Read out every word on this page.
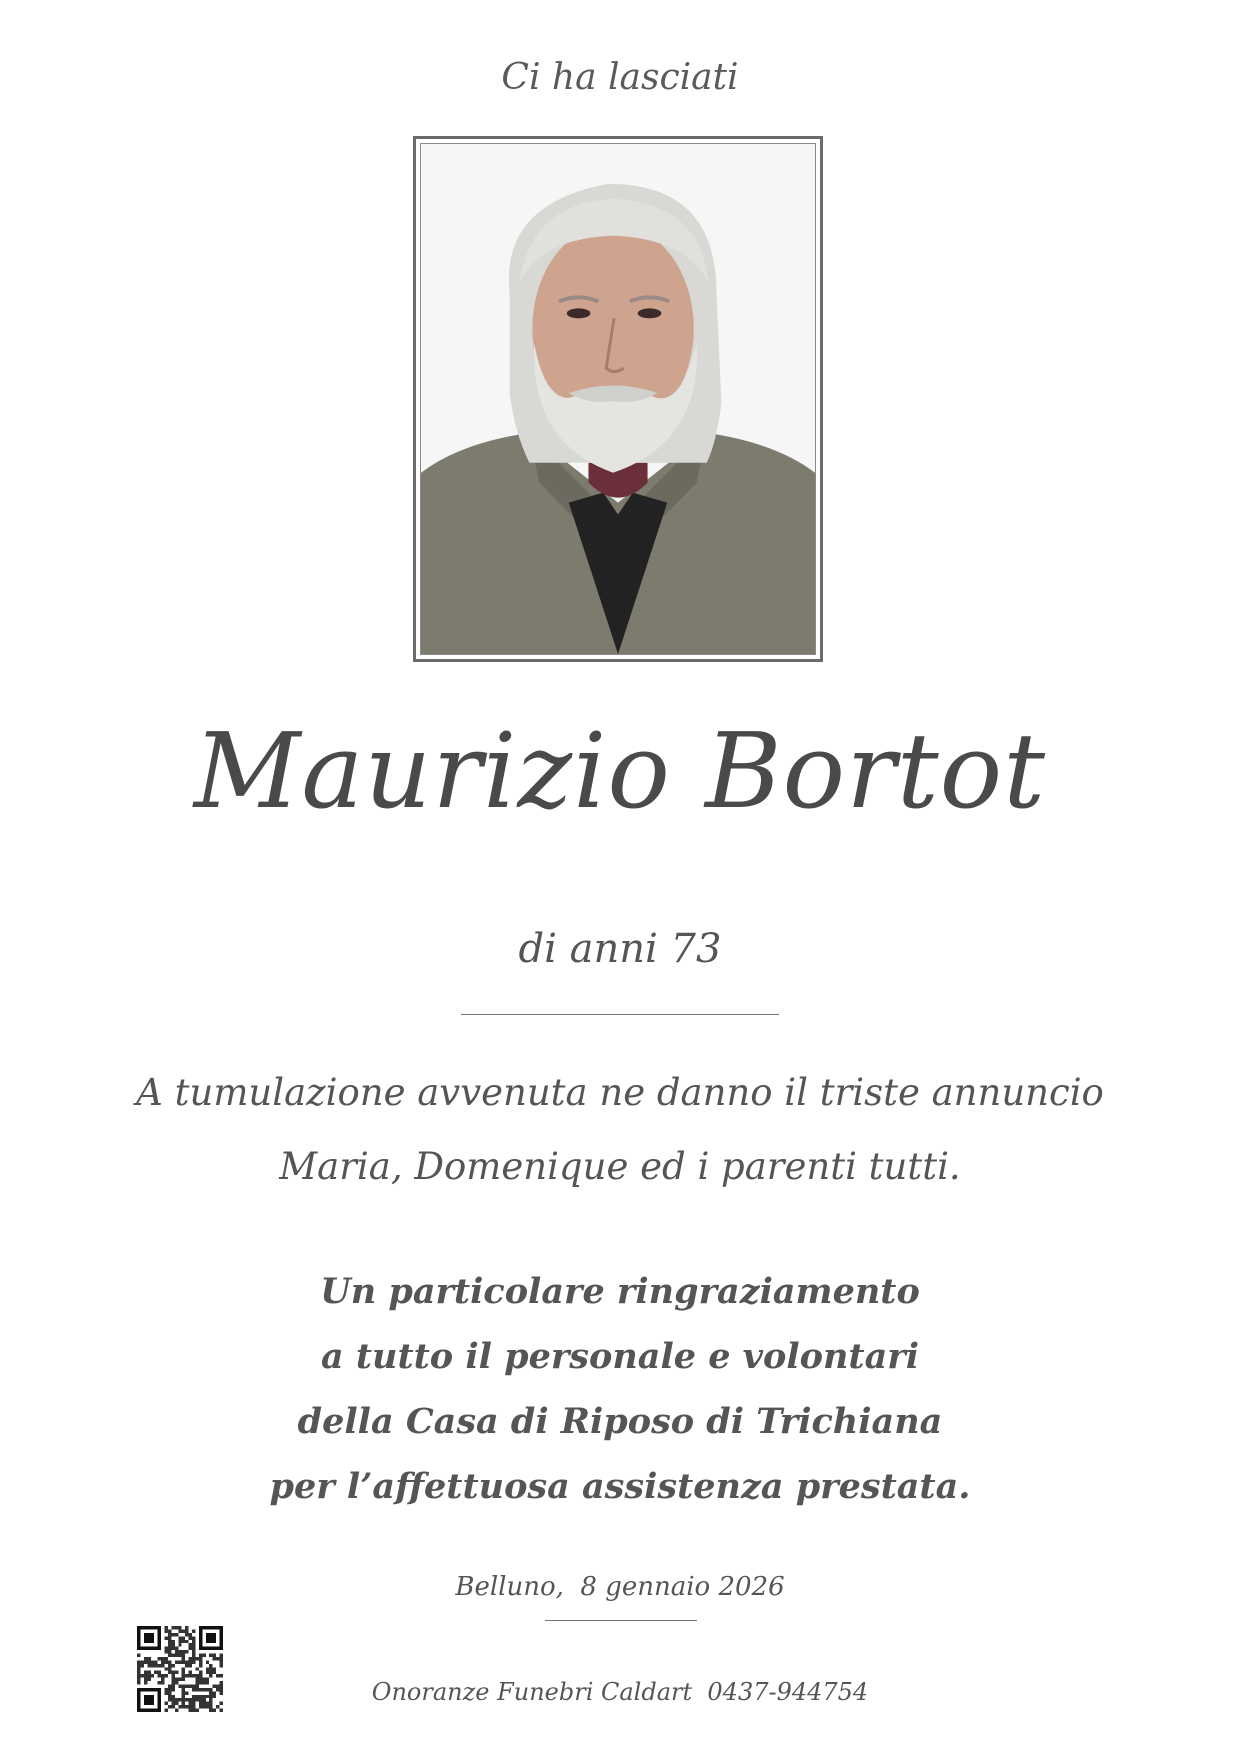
Ci ha lasciati
Maurizio Bortot
di anni 73
A tumulazione avvenuta ne danno il triste annuncio
Maria, Domenique ed i parenti tutti.
Un particolare ringraziamento
a tutto il personale e volontari
della Casa di Riposo di Trichiana
per l’affettuosa assistenza prestata.
Belluno,  8 gennaio 2026
Onoranze Funebri Caldart  0437-944754
